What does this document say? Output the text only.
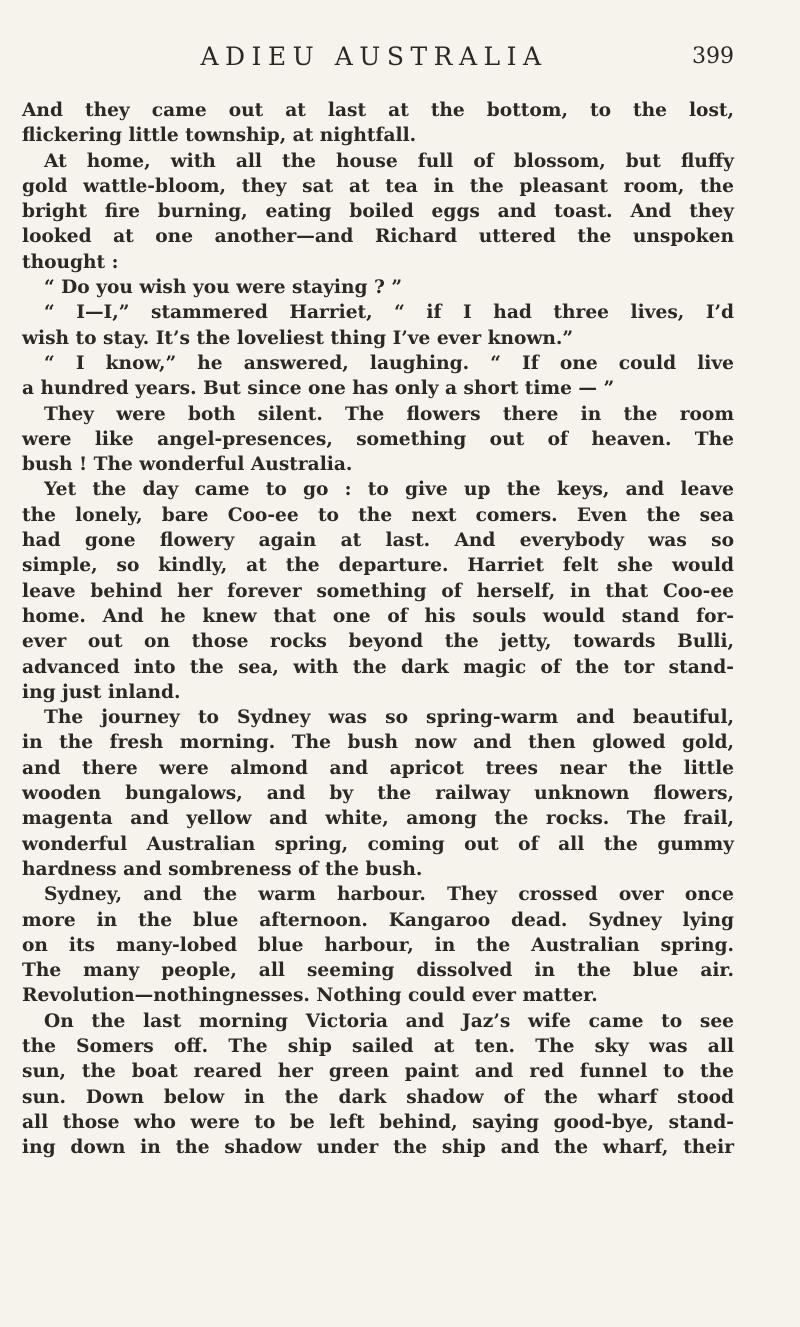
ADIEU AUSTRALIA	399
And they came out at last at the bottom, to the lost,
flickering little township, at nightfall.
At home, with all the house full of blossom, but fluffy
gold wattle-bloom, they sat at tea in the pleasant room, the
bright fire burning, eating boiled eggs and toast. And they
looked at one another—and Richard uttered the unspoken
thought :
“ Do you wish you were staying ? ”
“ I—I,” stammered Harriet, “ if I had three lives, I’d
wish to stay. It’s the loveliest thing I’ve ever known.”
“ I know,” he answered, laughing. “ If one could live
a hundred years. But since one has only a short time — ”
They were both silent. The flowers there in the room
were like angel-presences, something out of heaven. The
bush ! The wonderful Australia.
Yet the day came to go : to give up the keys, and leave
the lonely, bare Coo-ee to the next comers. Even the sea
had gone flowery again at last. And everybody was so
simple, so kindly, at the departure. Harriet felt she would
leave behind her forever something of herself, in that Coo-ee
home. And he knew that one of his souls would stand for-
ever out on those rocks beyond the jetty, towards Bulli,
advanced into the sea, with the dark magic of the tor stand-
ing just inland.
The journey to Sydney was so spring-warm and beautiful,
in the fresh morning. The bush now and then glowed gold,
and there were almond and apricot trees near the little
wooden bungalows, and by the railway unknown flowers,
magenta and yellow and white, among the rocks. The frail,
wonderful Australian spring, coming out of all the gummy
hardness and sombreness of the bush.
Sydney, and the warm harbour. They crossed over once
more in the blue afternoon. Kangaroo dead. Sydney lying
on its many-lobed blue harbour, in the Australian spring.
The many people, all seeming dissolved in the blue air.
Revolution—nothingnesses. Nothing could ever matter.
On the last morning Victoria and Jaz’s wife came to see
the Somers off. The ship sailed at ten. The sky was all
sun, the boat reared her green paint and red funnel to the
sun. Down below in the dark shadow of the wharf stood
all those who were to be left behind, saying good-bye, stand-
ing down in the shadow under the ship and the wharf, their
